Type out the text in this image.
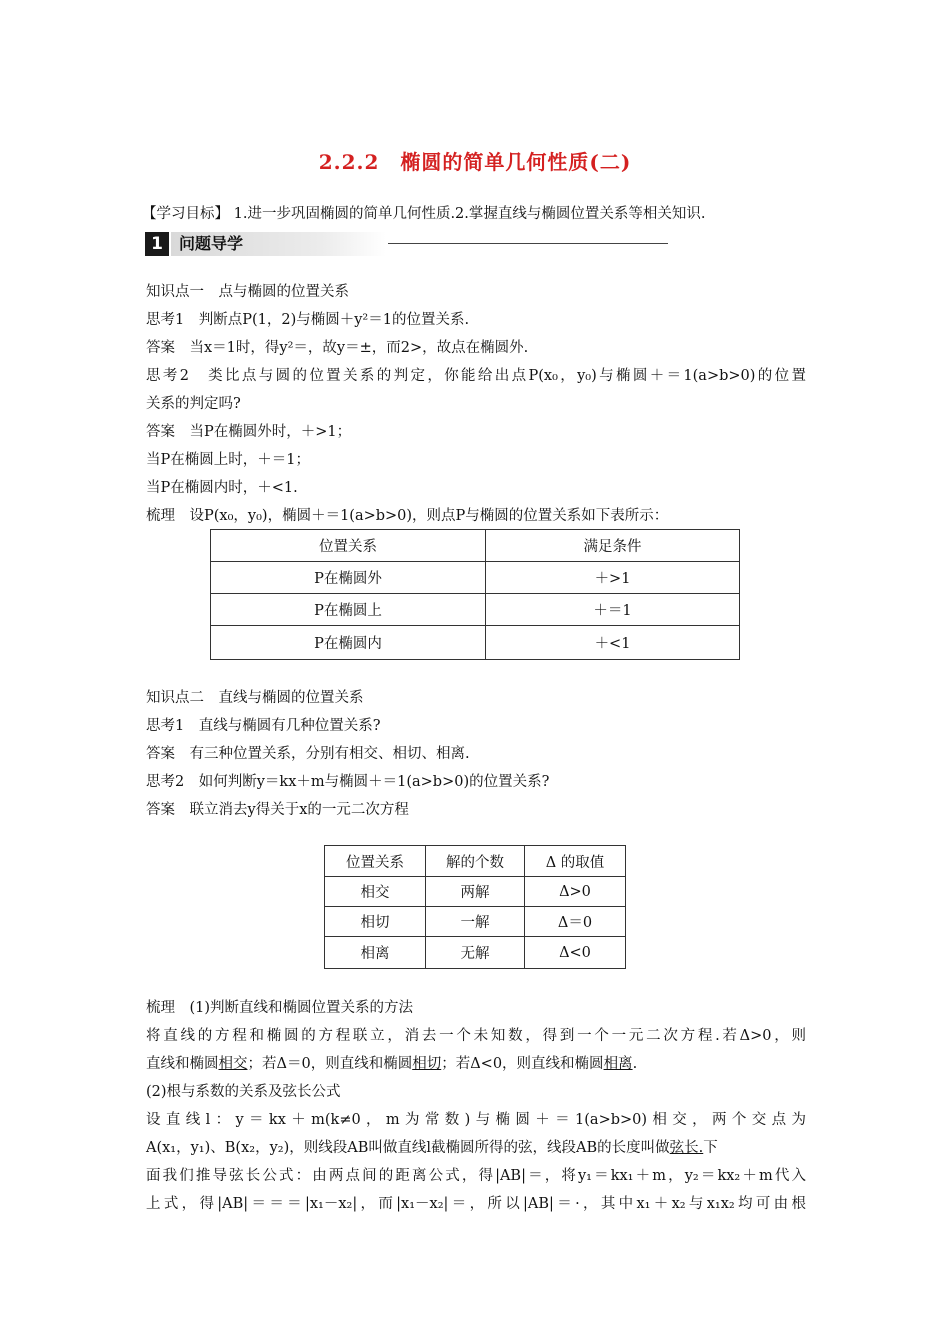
2.2.2　椭圆的简单几何性质(二)
【学习目标】 1.进一步巩固椭圆的简单几何性质.2.掌握直线与椭圆位置关系等相关知识.
1	问题导学
知识点一　点与椭圆的位置关系
思考1　判断点P(1，2)与椭圆＋y²＝1的位置关系.
答案　当x＝1时，得y²＝，故y＝±，而2>，故点在椭圆外.
思考2　类比点与圆的位置关系的判定，你能给出点P(x₀，y₀)与椭圆＋＝1(a>b>0)的位置
关系的判定吗?
答案　当P在椭圆外时，＋>1；
当P在椭圆上时，＋＝1；
当P在椭圆内时，＋<1.
梳理　设P(x₀，y₀)，椭圆＋＝1(a>b>0)，则点P与椭圆的位置关系如下表所示：
位置关系	满足条件
P在椭圆外	＋>1
P在椭圆上	＋＝1
P在椭圆内	＋<1
知识点二　直线与椭圆的位置关系
思考1　直线与椭圆有几种位置关系?
答案　有三种位置关系，分别有相交、相切、相离.
思考2　如何判断y＝kx＋m与椭圆＋＝1(a>b>0)的位置关系?
答案　联立消去y得关于x的一元二次方程
位置关系	解的个数	Δ 的取值
相交	两解	Δ>0
相切	一解	Δ＝0
相离	无解	Δ<0
梳理　(1)判断直线和椭圆位置关系的方法
将直线的方程和椭圆的方程联立，消去一个未知数，得到一个一元二次方程.若Δ>0，则
直线和椭圆相交；若Δ＝0，则直线和椭圆相切；若Δ<0，则直线和椭圆相离.
(2)根与系数的关系及弦长公式
设直线l：y＝kx＋m(k≠0，m为常数)与椭圆＋＝1(a>b>0)相交，两个交点为
A(x₁，y₁)、B(x₂，y₂)，则线段AB叫做直线l截椭圆所得的弦，线段AB的长度叫做弦长.下
面我们推导弦长公式：由两点间的距离公式，得|AB|＝，将y₁＝kx₁＋m，y₂＝kx₂＋m代入
上式，得|AB|＝＝＝|x₁－x₂|，而|x₁－x₂|＝，所以|AB|＝·，其中x₁＋x₂与x₁x₂均可由根
